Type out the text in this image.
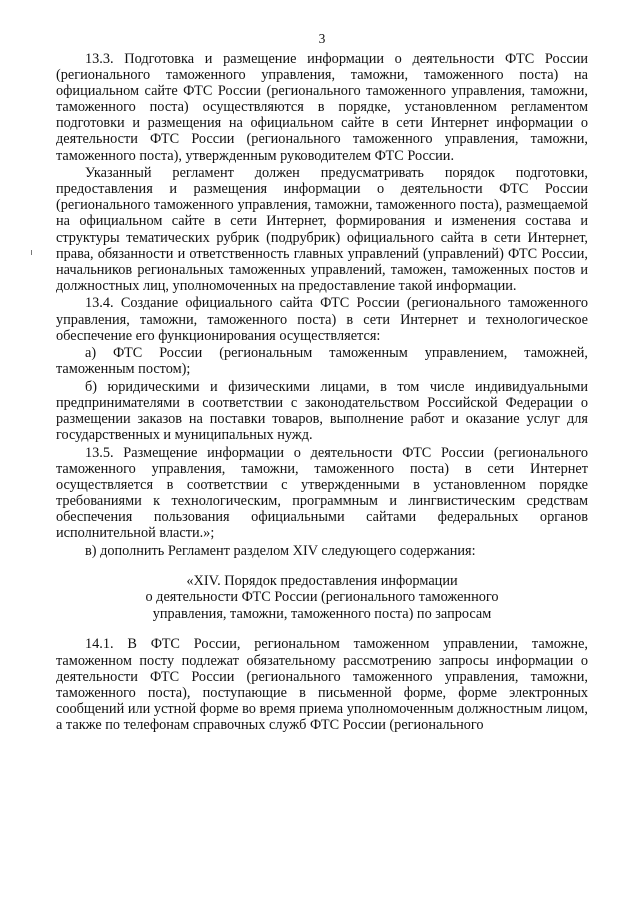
3

13.3. Подготовка и размещение информации о деятельности ФТС России (регионального таможенного управления, таможни, таможенного поста) на официальном сайте ФТС России (регионального таможенного управления, таможни, таможенного поста) осуществляются в порядке, установленном регламентом подготовки и размещения на официальном сайте в сети Интернет информации о деятельности ФТС России (регионального таможенного управления, таможни, таможенного поста), утвержденным руководителем ФТС России.

Указанный регламент должен предусматривать порядок подготовки, предоставления и размещения информации о деятельности ФТС России (регионального таможенного управления, таможни, таможенного поста), размещаемой на официальном сайте в сети Интернет, формирования и изменения состава и структуры тематических рубрик (подрубрик) официального сайта в сети Интернет, права, обязанности и ответственность главных управлений (управлений) ФТС России, начальников региональных таможенных управлений, таможен, таможенных постов и должностных лиц, уполномоченных на предоставление такой информации.

13.4. Создание официального сайта ФТС России (регионального таможенного управления, таможни, таможенного поста) в сети Интернет и технологическое обеспечение его функционирования осуществляется:

а) ФТС России (региональным таможенным управлением, таможней, таможенным постом);

б) юридическими и физическими лицами, в том числе индивидуальными предпринимателями в соответствии с законодательством Российской Федерации о размещении заказов на поставки товаров, выполнение работ и оказание услуг для государственных и муниципальных нужд.

13.5. Размещение информации о деятельности ФТС России (регионального таможенного управления, таможни, таможенного поста) в сети Интернет осуществляется в соответствии с утвержденными в установленном порядке требованиями к технологическим, программным и лингвистическим средствам обеспечения пользования официальными сайтами федеральных органов исполнительной власти.»;

в) дополнить Регламент разделом XIV следующего содержания:

«XIV. Порядок предоставления информации
о деятельности ФТС России (регионального таможенного
управления, таможни, таможенного поста) по запросам

14.1. В ФТС России, региональном таможенном управлении, таможне, таможенном посту подлежат обязательному рассмотрению запросы информации о деятельности ФТС России (регионального таможенного управления, таможни, таможенного поста), поступающие в письменной форме, форме электронных сообщений или устной форме во время приема уполномоченным должностным лицом, а также по телефонам справочных служб ФТС России (регионального
